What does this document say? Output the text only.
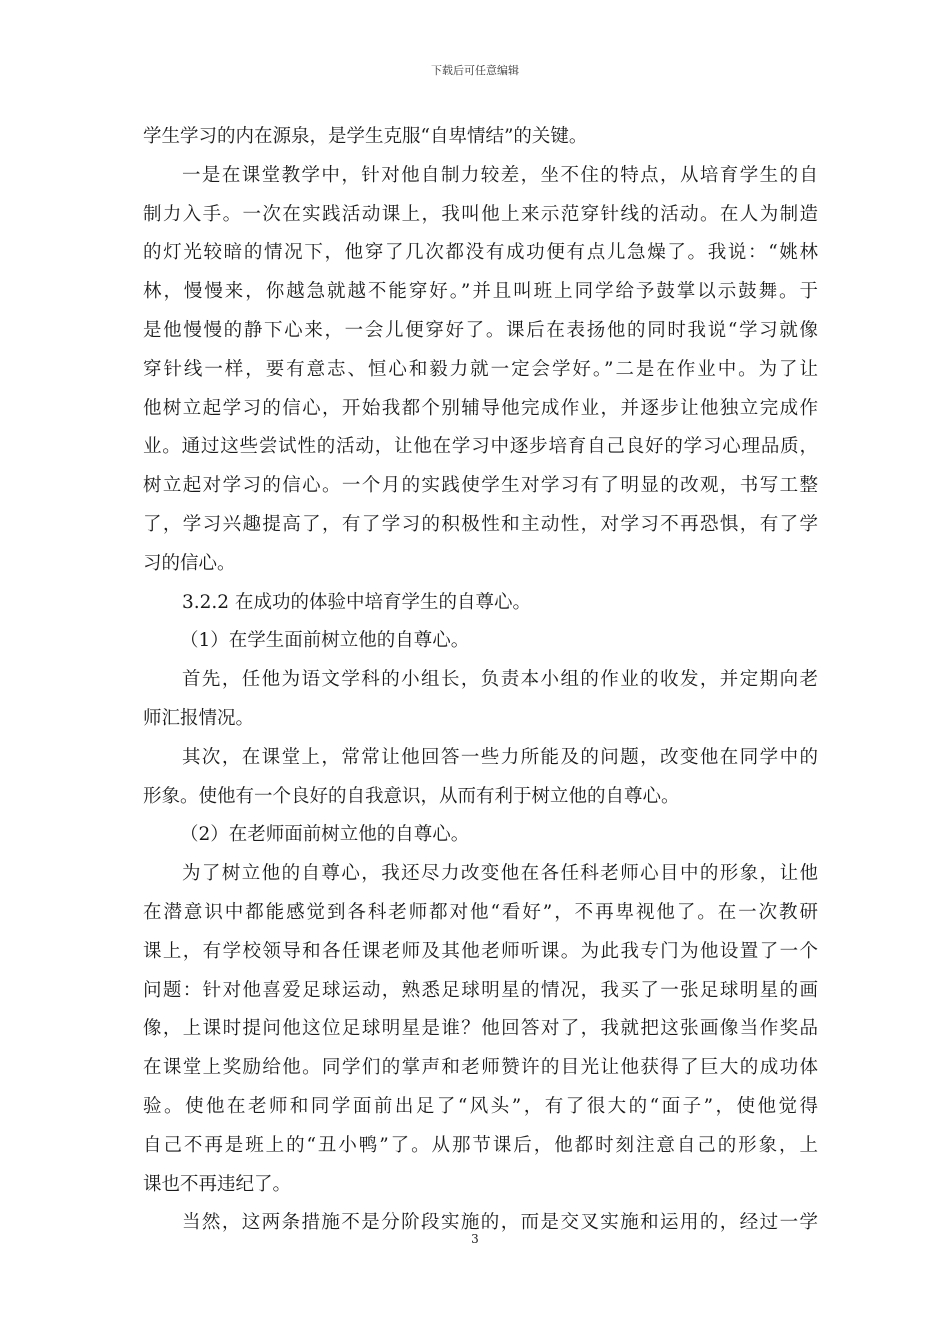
下载后可任意编辑
学生学习的内在源泉，是学生克服“自卑情结”的关键。
一是在课堂教学中，针对他自制力较差，坐不住的特点，从培育学生的自
制力入手。一次在实践活动课上，我叫他上来示范穿针线的活动。在人为制造
的灯光较暗的情况下，他穿了几次都没有成功便有点儿急燥了。我说：“姚林
林，慢慢来，你越急就越不能穿好。”并且叫班上同学给予鼓掌以示鼓舞。于
是他慢慢的静下心来，一会儿便穿好了。课后在表扬他的同时我说“学习就像
穿针线一样，要有意志、恒心和毅力就一定会学好。”二是在作业中。为了让
他树立起学习的信心，开始我都个别辅导他完成作业，并逐步让他独立完成作
业。通过这些尝试性的活动，让他在学习中逐步培育自己良好的学习心理品质，
树立起对学习的信心。一个月的实践使学生对学习有了明显的改观，书写工整
了，学习兴趣提高了，有了学习的积极性和主动性，对学习不再恐惧，有了学
习的信心。
3.2.2 在成功的体验中培育学生的自尊心。
（1）在学生面前树立他的自尊心。
首先，任他为语文学科的小组长，负责本小组的作业的收发，并定期向老
师汇报情况。
其次，在课堂上，常常让他回答一些力所能及的问题，改变他在同学中的
形象。使他有一个良好的自我意识，从而有利于树立他的自尊心。
（2）在老师面前树立他的自尊心。
为了树立他的自尊心，我还尽力改变他在各任科老师心目中的形象，让他
在潜意识中都能感觉到各科老师都对他“看好”，不再卑视他了。在一次教研
课上，有学校领导和各任课老师及其他老师听课。为此我专门为他设置了一个
问题：针对他喜爱足球运动，熟悉足球明星的情况，我买了一张足球明星的画
像，上课时提问他这位足球明星是谁？他回答对了，我就把这张画像当作奖品
在课堂上奖励给他。同学们的掌声和老师赞许的目光让他获得了巨大的成功体
验。使他在老师和同学面前出足了“风头”，有了很大的“面子”，使他觉得
自己不再是班上的“丑小鸭”了。从那节课后，他都时刻注意自己的形象，上
课也不再违纪了。
当然，这两条措施不是分阶段实施的，而是交叉实施和运用的，经过一学
3
